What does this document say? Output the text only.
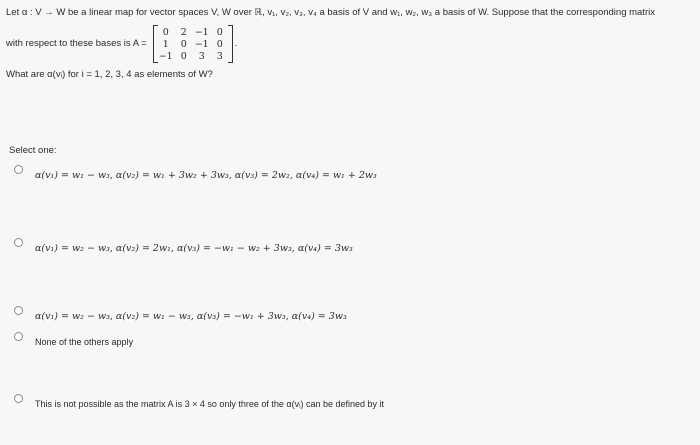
Let α : V → W be a linear map for vector spaces V, W over ℝ, v₁, v₂, v₃, v₄ a basis of V and w₁, w₂, w₃ a basis of W. Suppose that the corresponding matrix
with respect to these bases is A =
0	2 −1 0
1	0 −1 0
−1 0	3	3
.
What are α(vᵢ) for i = 1, 2, 3, 4 as elements of W?
Select one:
α(v₁) = w₁ − w₃, α(v₂) = w₁ + 3w₂ + 3w₃, α(v₃) = 2w₂, α(v₄) = w₁ + 2w₃
α(v₁) = w₂ − w₃, α(v₂) = 2w₁, α(v₃) = −w₁ − w₂ + 3w₃, α(v₄) = 3w₃
α(v₁) = w₂ − w₃, α(v₂) = w₁ − w₃, α(v₃) = −w₁ + 3w₃, α(v₄) = 3w₃
None of the others apply
This is not possible as the matrix A is 3 × 4 so only three of the α(vᵢ) can be defined by it
